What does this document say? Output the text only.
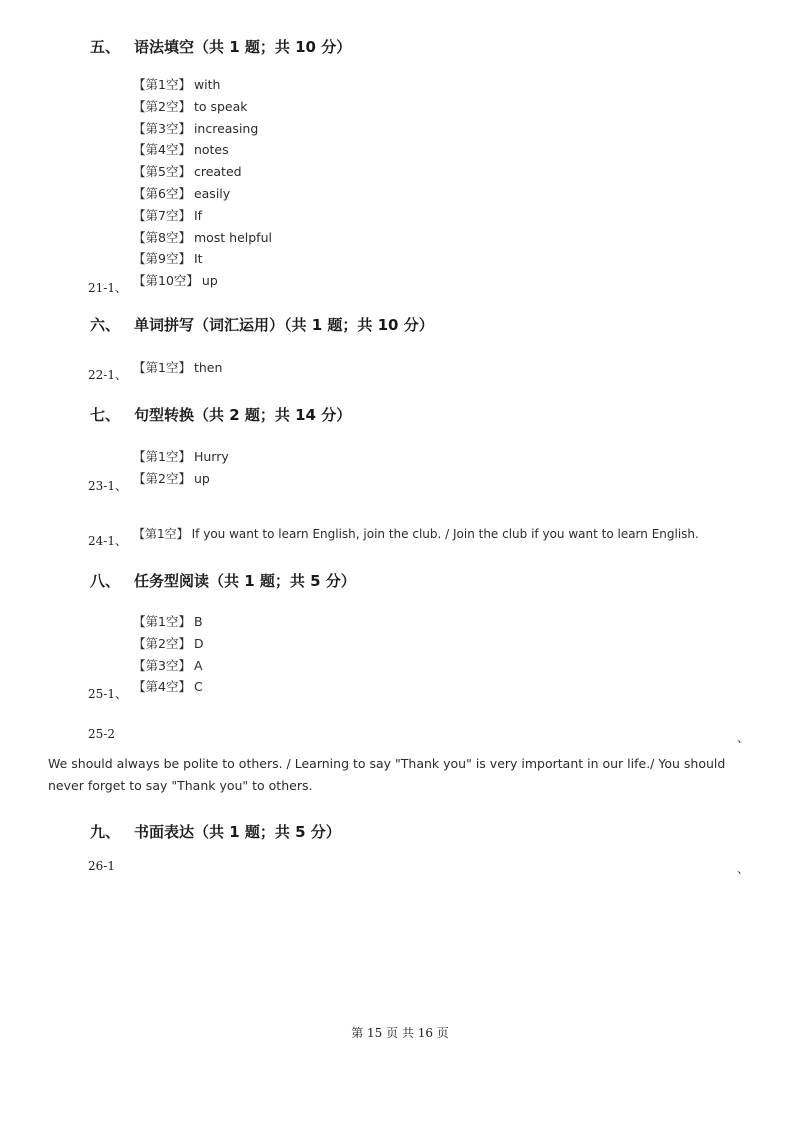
五、 语法填空（共 1 题；共 10 分）
【第1空】 with
【第2空】 to speak
【第3空】 increasing
【第4空】 notes
【第5空】 created
【第6空】 easily
【第7空】 If
【第8空】 most helpful
【第9空】 It
【第10空】 up
21-1、
六、 单词拼写（词汇运用）（共 1 题；共 10 分）
【第1空】 then
22-1、
七、 句型转换（共 2 题；共 14 分）
【第1空】 Hurry
【第2空】 up
23-1、
【第1空】 If you want to learn English, join the club. / Join the club if you want to learn English.
24-1、
八、 任务型阅读（共 1 题；共 5 分）
【第1空】 B
【第2空】 D
【第3空】 A
【第4空】 C
25-1、
25-2	、
We should always be polite to others. / Learning to say "Thank you" is very important in our life./ You should never forget to say "Thank you" to others.
九、 书面表达（共 1 题；共 5 分）
26-1	、
第 15 页 共 16 页
